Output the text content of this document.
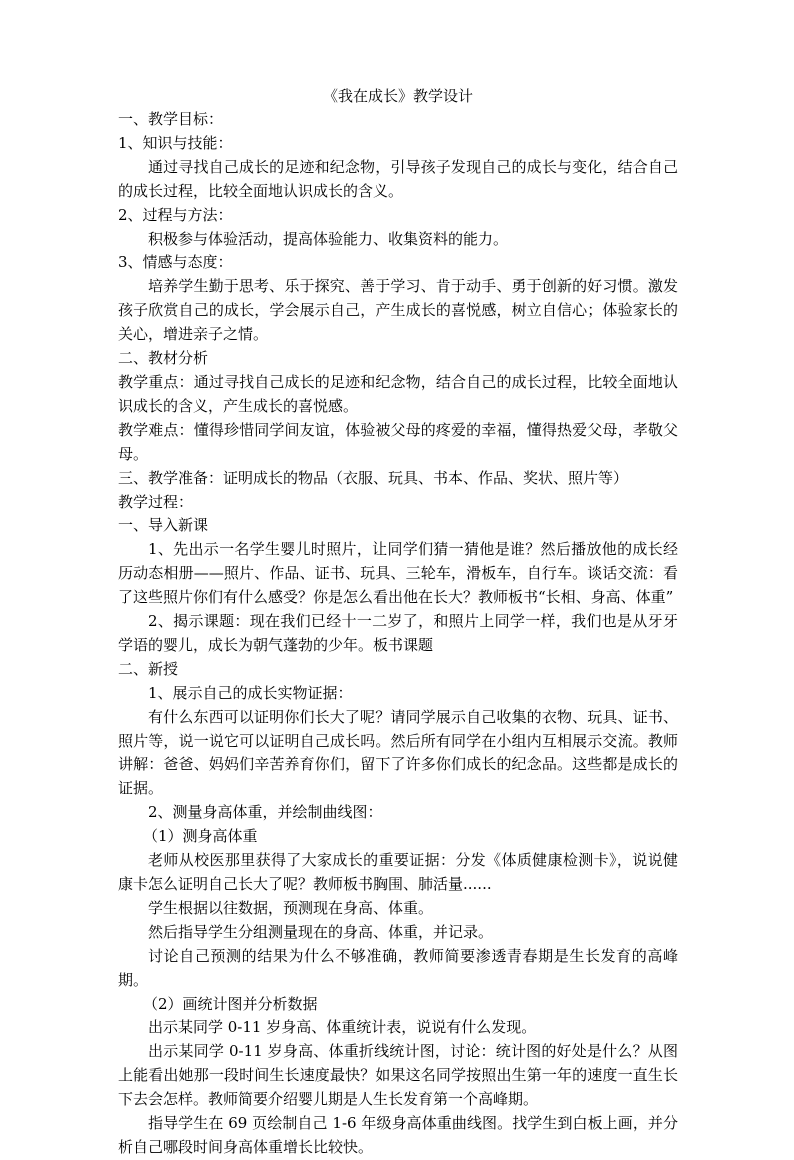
《我在成长》教学设计

一、教学目标：

1、知识与技能：

通过寻找自己成长的足迹和纪念物，引导孩子发现自己的成长与变化，结合自己的成长过程，比较全面地认识成长的含义。

2、过程与方法：

积极参与体验活动，提高体验能力、收集资料的能力。

3、情感与态度：

培养学生勤于思考、乐于探究、善于学习、肯于动手、勇于创新的好习惯。激发孩子欣赏自己的成长，学会展示自己，产生成长的喜悦感，树立自信心；体验家长的关心，增进亲子之情。

二、教材分析

教学重点：通过寻找自己成长的足迹和纪念物，结合自己的成长过程，比较全面地认识成长的含义，产生成长的喜悦感。

教学难点：懂得珍惜同学间友谊，体验被父母的疼爱的幸福，懂得热爱父母，孝敬父母。

三、教学准备：证明成长的物品（衣服、玩具、书本、作品、奖状、照片等）

教学过程：

一、导入新课

1、先出示一名学生婴儿时照片，让同学们猜一猜他是谁？然后播放他的成长经历动态相册——照片、作品、证书、玩具、三轮车，滑板车，自行车。谈话交流：看了这些照片你们有什么感受？你是怎么看出他在长大？教师板书“长相、身高、体重”

2、揭示课题：现在我们已经十一二岁了，和照片上同学一样，我们也是从牙牙学语的婴儿，成长为朝气蓬勃的少年。板书课题

二、新授

1、展示自己的成长实物证据：

有什么东西可以证明你们长大了呢？请同学展示自己收集的衣物、玩具、证书、照片等，说一说它可以证明自己成长吗。然后所有同学在小组内互相展示交流。教师讲解：爸爸、妈妈们辛苦养育你们，留下了许多你们成长的纪念品。这些都是成长的证据。

2、测量身高体重，并绘制曲线图：

（1）测身高体重

老师从校医那里获得了大家成长的重要证据：分发《体质健康检测卡》，说说健康卡怎么证明自己长大了呢？教师板书胸围、肺活量......

学生根据以往数据，预测现在身高、体重。

然后指导学生分组测量现在的身高、体重，并记录。

讨论自己预测的结果为什么不够准确，教师简要渗透青春期是生长发育的高峰期。

（2）画统计图并分析数据

出示某同学 0-11 岁身高、体重统计表，说说有什么发现。

出示某同学 0-11 岁身高、体重折线统计图，讨论：统计图的好处是什么？从图上能看出她那一段时间生长速度最快？如果这名同学按照出生第一年的速度一直生长下去会怎样。教师简要介绍婴儿期是人生长发育第一个高峰期。

指导学生在 69 页绘制自己 1-6 年级身高体重曲线图。找学生到白板上画，并分析自己哪段时间身高体重增长比较快。
